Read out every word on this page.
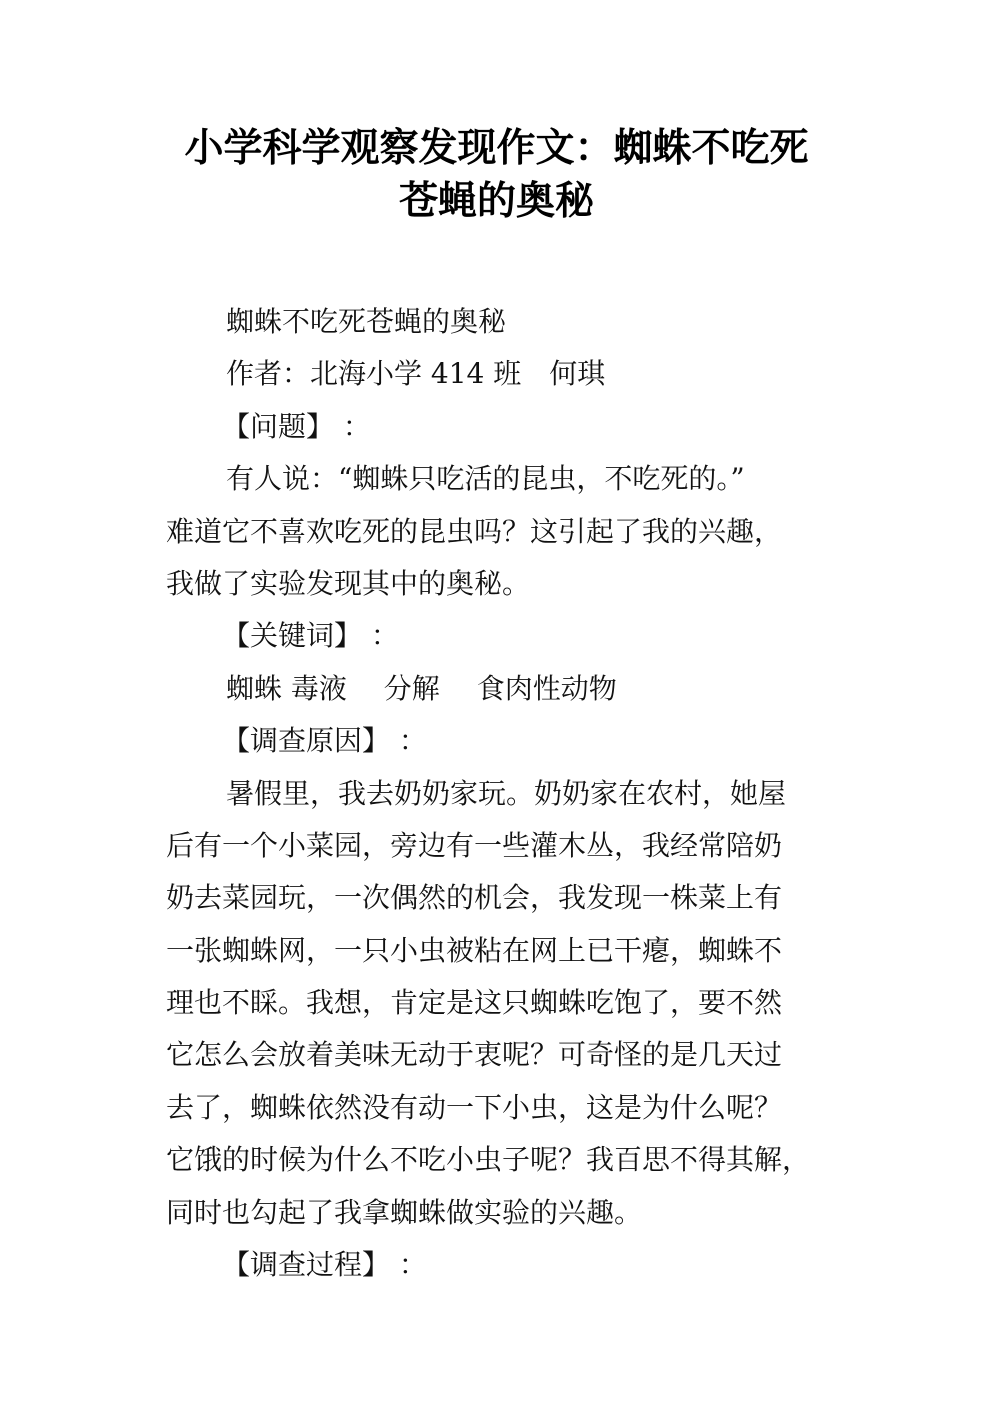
小学科学观察发现作文：蜘蛛不吃死
苍蝇的奥秘
蜘蛛不吃死苍蝇的奥秘
作者：北海小学 414 班　何琪
【问题】 ：
有人说：“蜘蛛只吃活的昆虫，不吃死的。”
难道它不喜欢吃死的昆虫吗？这引起了我的兴趣，
我做了实验发现其中的奥秘。
【关键词】 ：
蜘蛛 毒液　 分解　 食肉性动物
【调查原因】 ：
暑假里，我去奶奶家玩。奶奶家在农村，她屋
后有一个小菜园，旁边有一些灌木丛，我经常陪奶
奶去菜园玩，一次偶然的机会，我发现一株菜上有
一张蜘蛛网，一只小虫被粘在网上已干瘪，蜘蛛不
理也不睬。我想，肯定是这只蜘蛛吃饱了，要不然
它怎么会放着美味无动于衷呢？可奇怪的是几天过
去了，蜘蛛依然没有动一下小虫，这是为什么呢？
它饿的时候为什么不吃小虫子呢？我百思不得其解，
同时也勾起了我拿蜘蛛做实验的兴趣。
【调查过程】 ：
